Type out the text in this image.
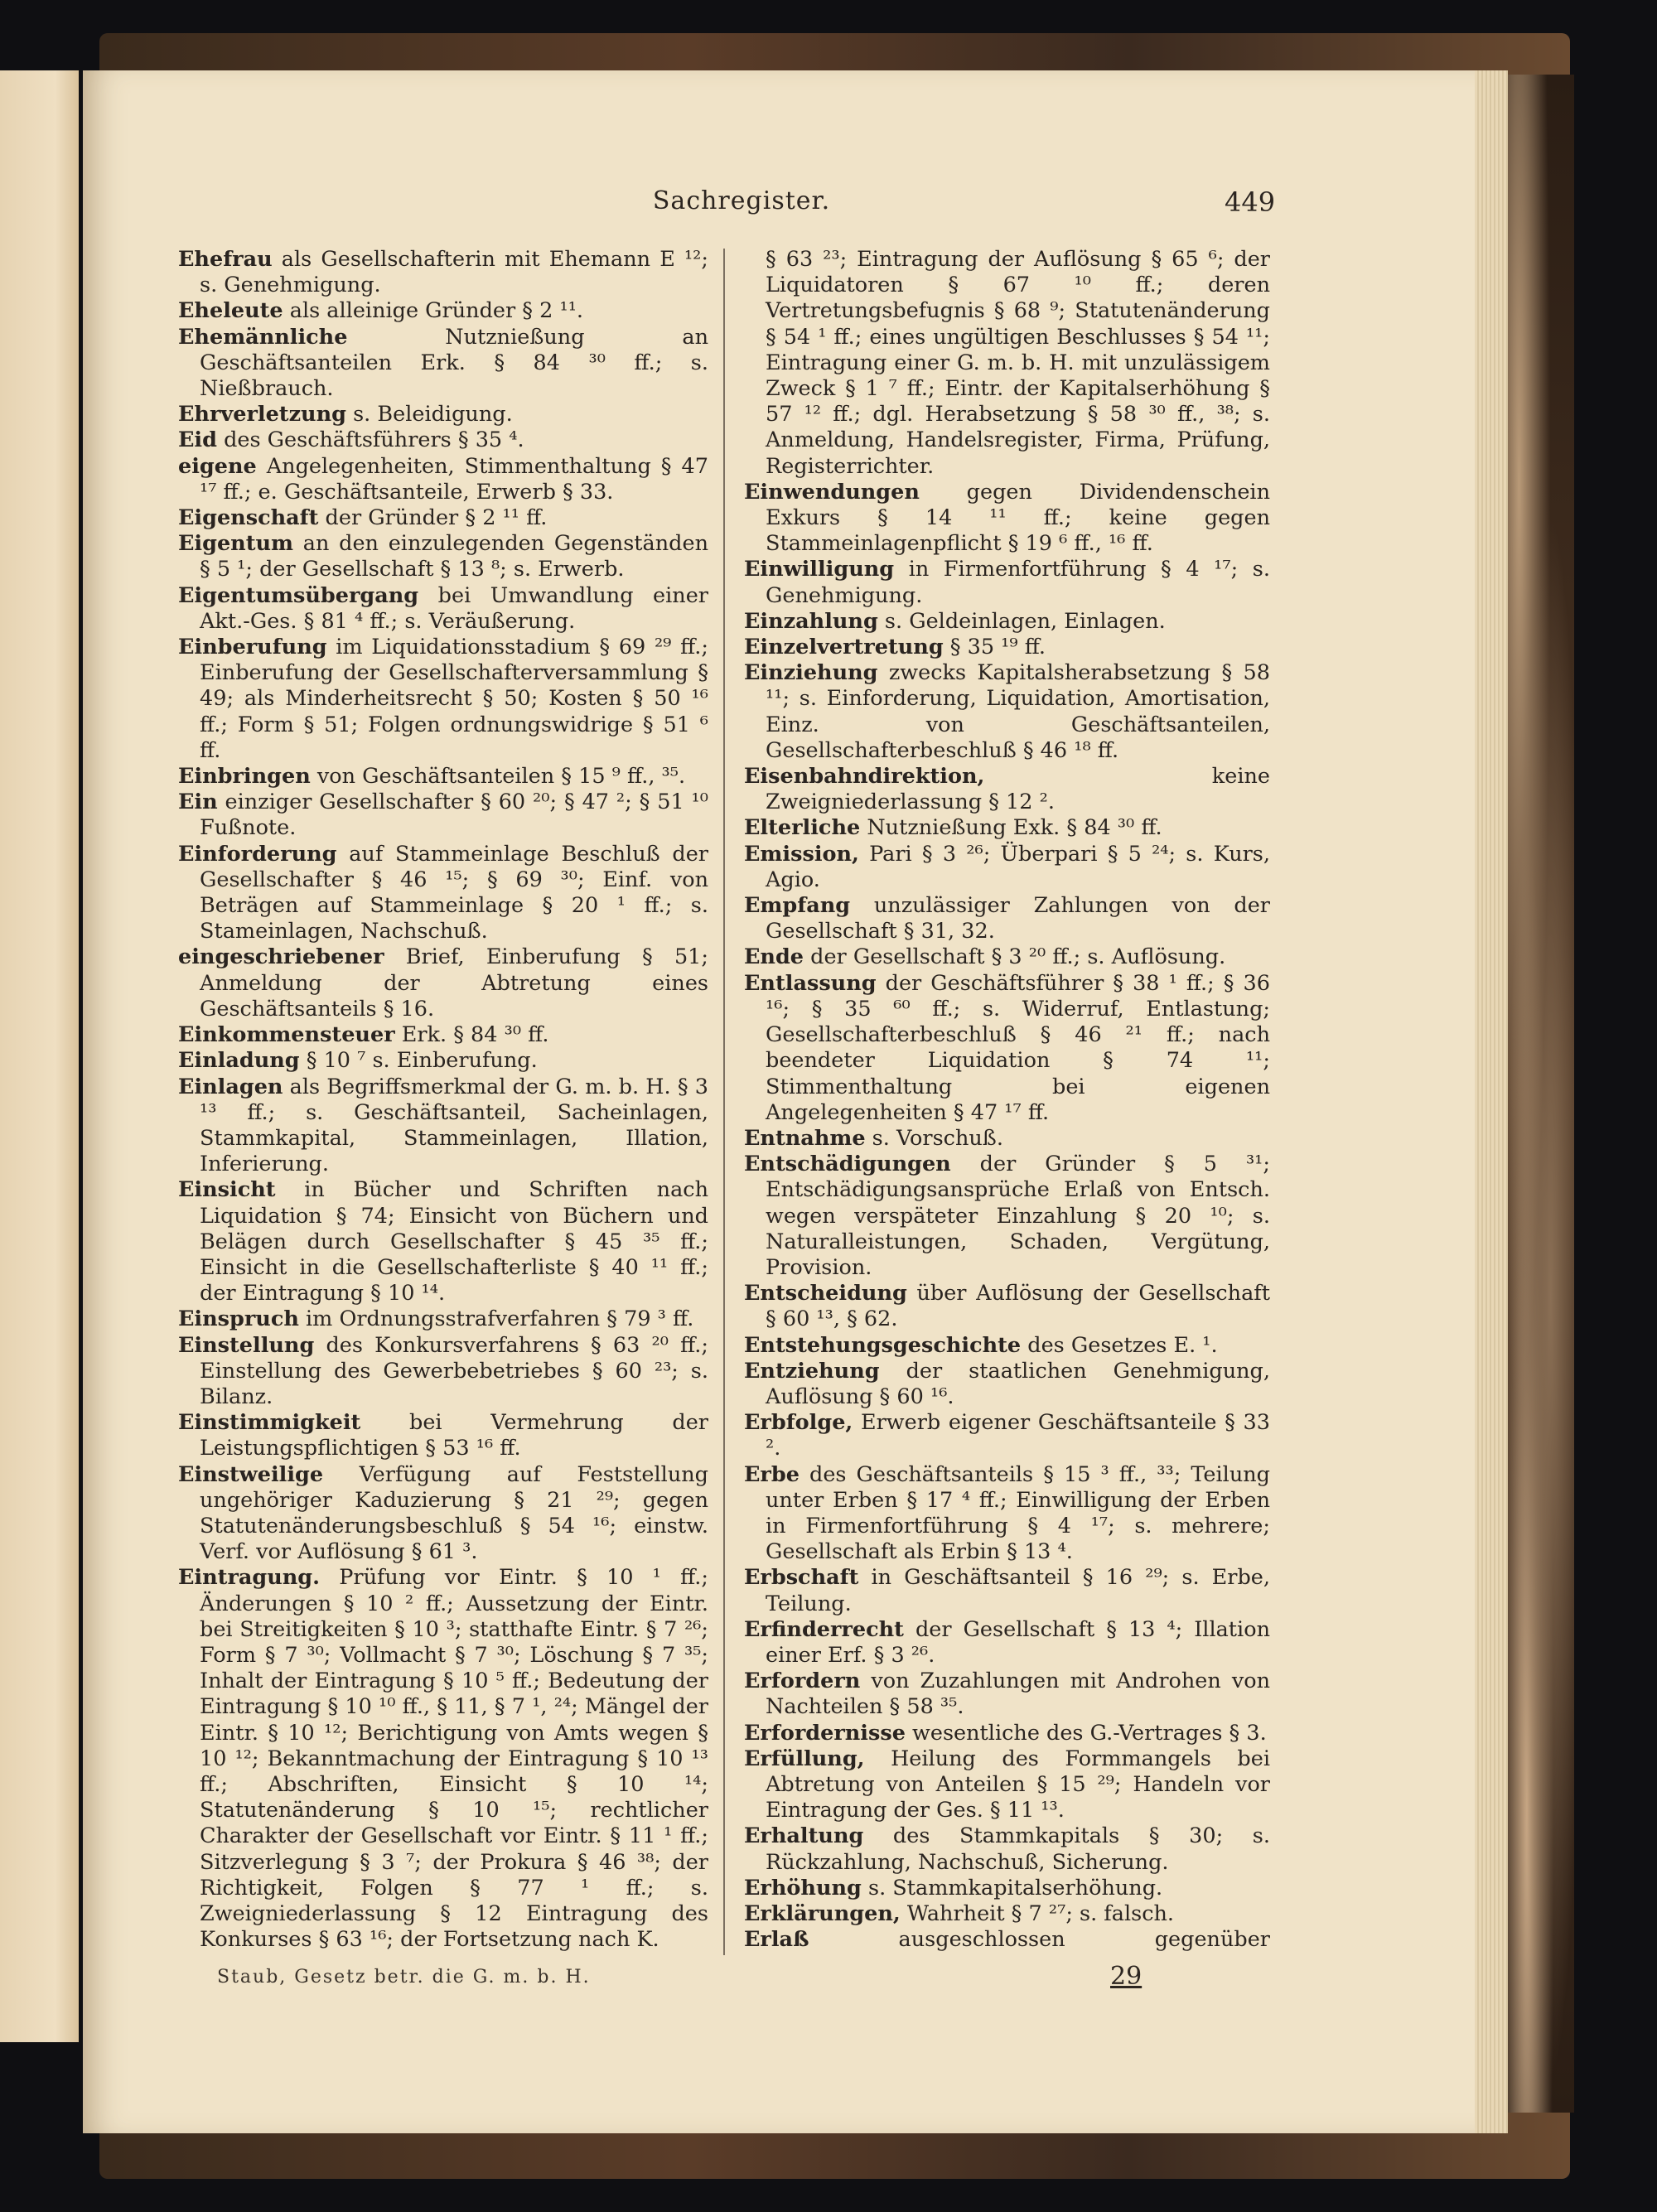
Sachregister.	449
Ehefrau als Gesellschafterin mit Ehemann E ¹²; s. Genehmigung.
Eheleute als alleinige Gründer § 2 ¹¹.
Ehemännliche Nutznießung an Geschäftsanteilen Erk. § 84 ³⁰ ff.; s. Nießbrauch.
Ehrverletzung s. Beleidigung.
Eid des Geschäftsführers § 35 ⁴.
eigene Angelegenheiten, Stimmenthaltung § 47 ¹⁷ ff.; e. Geschäftsanteile, Erwerb § 33.
Eigenschaft der Gründer § 2 ¹¹ ff.
Eigentum an den einzulegenden Gegenständen § 5 ¹; der Gesellschaft § 13 ⁸; s. Erwerb.
Eigentumsübergang bei Umwandlung einer Akt.-Ges. § 81 ⁴ ff.; s. Veräußerung.
Einberufung im Liquidationsstadium § 69 ²⁹ ff.; Einberufung der Gesellschafterversammlung § 49; als Minderheitsrecht § 50; Kosten § 50 ¹⁶ ff.; Form § 51; Folgen ordnungswidrige § 51 ⁶ ff.
Einbringen von Geschäftsanteilen § 15 ⁹ ff., ³⁵.
Ein einziger Gesellschafter § 60 ²⁰; § 47 ²; § 51 ¹⁰ Fußnote.
Einforderung auf Stammeinlage Beschluß der Gesellschafter § 46 ¹⁵; § 69 ³⁰; Einf. von Beträgen auf Stammeinlage § 20 ¹ ff.; s. Stameinlagen, Nachschuß.
eingeschriebener Brief, Einberufung § 51; Anmeldung der Abtretung eines Geschäftsanteils § 16.
Einkommensteuer Erk. § 84 ³⁰ ff.
Einladung § 10 ⁷ s. Einberufung.
Einlagen als Begriffsmerkmal der G. m. b. H. § 3 ¹³ ff.; s. Geschäftsanteil, Sacheinlagen, Stammkapital, Stammeinlagen, Illation, Inferierung.
Einsicht in Bücher und Schriften nach Liquidation § 74; Einsicht von Büchern und Belägen durch Gesellschafter § 45 ³⁵ ff.; Einsicht in die Gesellschafterliste § 40 ¹¹ ff.; der Eintragung § 10 ¹⁴.
Einspruch im Ordnungsstrafverfahren § 79 ³ ff.
Einstellung des Konkursverfahrens § 63 ²⁰ ff.; Einstellung des Gewerbebetriebes § 60 ²³; s. Bilanz.
Einstimmigkeit bei Vermehrung der Leistungspflichtigen § 53 ¹⁶ ff.
Einstweilige Verfügung auf Feststellung ungehöriger Kaduzierung § 21 ²⁹; gegen Statutenänderungsbeschluß § 54 ¹⁶; einstw. Verf. vor Auflösung § 61 ³.
Eintragung. Prüfung vor Eintr. § 10 ¹ ff.; Änderungen § 10 ² ff.; Aussetzung der Eintr. bei Streitigkeiten § 10 ³; statthafte Eintr. § 7 ²⁶; Form § 7 ³⁰; Vollmacht § 7 ³⁰; Löschung § 7 ³⁵; Inhalt der Eintragung § 10 ⁵ ff.; Bedeutung der Eintragung § 10 ¹⁰ ff., § 11, § 7 ¹, ²⁴; Mängel der Eintr. § 10 ¹²; Berichtigung von Amts wegen § 10 ¹²; Bekanntmachung der Eintragung § 10 ¹³ ff.; Abschriften, Einsicht § 10 ¹⁴; Statutenänderung § 10 ¹⁵; rechtlicher Charakter der Gesellschaft vor Eintr. § 11 ¹ ff.; Sitzverlegung § 3 ⁷; der Prokura § 46 ³⁸; der Richtigkeit, Folgen § 77 ¹ ff.; s. Zweigniederlassung § 12 Eintragung des Konkurses § 63 ¹⁶; der Fortsetzung nach K.
§ 63 ²³; Eintragung der Auflösung § 65 ⁶; der Liquidatoren § 67 ¹⁰ ff.; deren Vertretungsbefugnis § 68 ⁹; Statutenänderung § 54 ¹ ff.; eines ungültigen Beschlusses § 54 ¹¹; Eintragung einer G. m. b. H. mit unzulässigem Zweck § 1 ⁷ ff.; Eintr. der Kapitalserhöhung § 57 ¹² ff.; dgl. Herabsetzung § 58 ³⁰ ff., ³⁸; s. Anmeldung, Handelsregister, Firma, Prüfung, Registerrichter.
Einwendungen gegen Dividendenschein Exkurs § 14 ¹¹ ff.; keine gegen Stammeinlagenpflicht § 19 ⁶ ff., ¹⁶ ff.
Einwilligung in Firmenfortführung § 4 ¹⁷; s. Genehmigung.
Einzahlung s. Geldeinlagen, Einlagen.
Einzelvertretung § 35 ¹⁹ ff.
Einziehung zwecks Kapitalsherabsetzung § 58 ¹¹; s. Einforderung, Liquidation, Amortisation, Einz. von Geschäftsanteilen, Gesellschafterbeschluß § 46 ¹⁸ ff.
Eisenbahndirektion, keine Zweigniederlassung § 12 ².
Elterliche Nutznießung Exk. § 84 ³⁰ ff.
Emission, Pari § 3 ²⁶; Überpari § 5 ²⁴; s. Kurs, Agio.
Empfang unzulässiger Zahlungen von der Gesellschaft § 31, 32.
Ende der Gesellschaft § 3 ²⁰ ff.; s. Auflösung.
Entlassung der Geschäftsführer § 38 ¹ ff.; § 36 ¹⁶; § 35 ⁶⁰ ff.; s. Widerruf, Entlastung; Gesellschafterbeschluß § 46 ²¹ ff.; nach beendeter Liquidation § 74 ¹¹; Stimmenthaltung bei eigenen Angelegenheiten § 47 ¹⁷ ff.
Entnahme s. Vorschuß.
Entschädigungen der Gründer § 5 ³¹; Entschädigungsansprüche Erlaß von Entsch. wegen verspäteter Einzahlung § 20 ¹⁰; s. Naturalleistungen, Schaden, Vergütung, Provision.
Entscheidung über Auflösung der Gesellschaft § 60 ¹³, § 62.
Entstehungsgeschichte des Gesetzes E. ¹.
Entziehung der staatlichen Genehmigung, Auflösung § 60 ¹⁶.
Erbfolge, Erwerb eigener Geschäftsanteile § 33 ².
Erbe des Geschäftsanteils § 15 ³ ff., ³³; Teilung unter Erben § 17 ⁴ ff.; Einwilligung der Erben in Firmenfortführung § 4 ¹⁷; s. mehrere; Gesellschaft als Erbin § 13 ⁴.
Erbschaft in Geschäftsanteil § 16 ²⁹; s. Erbe, Teilung.
Erfinderrecht der Gesellschaft § 13 ⁴; Illation einer Erf. § 3 ²⁶.
Erfordern von Zuzahlungen mit Androhen von Nachteilen § 58 ³⁵.
Erfordernisse wesentliche des G.-Vertrages § 3.
Erfüllung, Heilung des Formmangels bei Abtretung von Anteilen § 15 ²⁹; Handeln vor Eintragung der Ges. § 11 ¹³.
Erhaltung des Stammkapitals § 30; s. Rückzahlung, Nachschuß, Sicherung.
Erhöhung s. Stammkapitalserhöhung.
Erklärungen, Wahrheit § 7 ²⁷; s. falsch.
Erlaß	ausgeschlossen gegenüber
Staub, Gesetz betr. die G. m. b. H.	29
